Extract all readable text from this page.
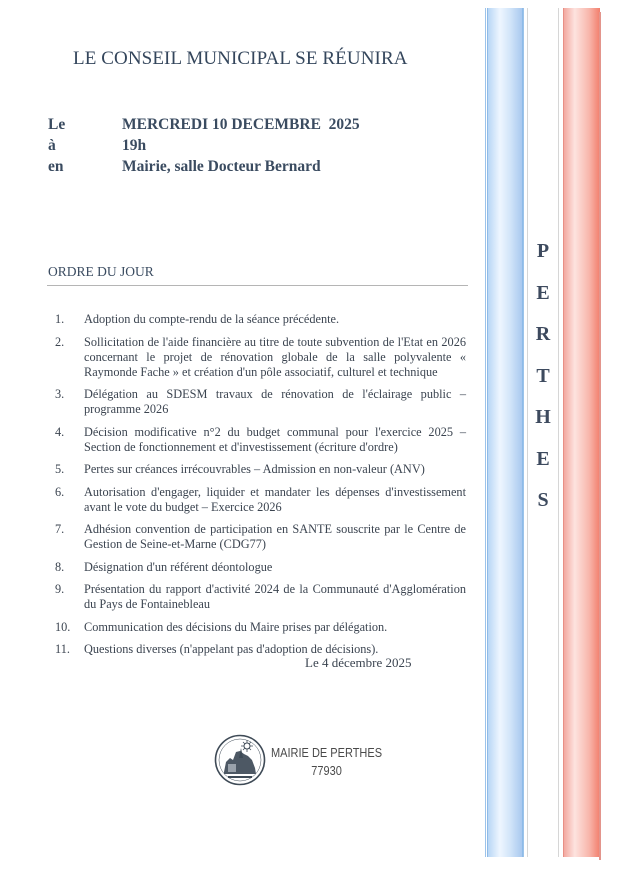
LE CONSEIL MUNICIPAL SE RÉUNIRA
Le	MERCREDI 10 DECEMBRE  2025
à	19h
en	Mairie, salle Docteur Bernard
ORDRE DU JOUR
1.	Adoption du compte-rendu de la séance précédente.
2.	Sollicitation de l'aide financière au titre de toute subvention de l'Etat en 2026 concernant le projet de rénovation globale de la salle polyvalente « Raymonde Fache » et création d'un pôle associatif, culturel et technique
3.	Délégation au SDESM travaux de rénovation de l'éclairage public – programme 2026
4.	Décision modificative n°2 du budget communal pour l'exercice 2025 – Section de fonctionnement et d'investissement (écriture d'ordre)
5.	Pertes sur créances irrécouvrables – Admission en non-valeur (ANV)
6.	Autorisation d'engager, liquider et mandater les dépenses d'investissement avant le vote du budget – Exercice 2026
7.	Adhésion convention de participation en SANTE souscrite par le Centre de Gestion de Seine-et-Marne (CDG77)
8.	Désignation d'un référent déontologue
9.	Présentation du rapport d'activité 2024 de la Communauté d'Agglomération du Pays de Fontainebleau
10.	Communication des décisions du Maire prises par délégation.
11.	Questions diverses (n'appelant pas d'adoption de décisions).
Le 4 décembre 2025
MAIRIE DE PERTHES
77930
P
E
R
T
H
E
S
